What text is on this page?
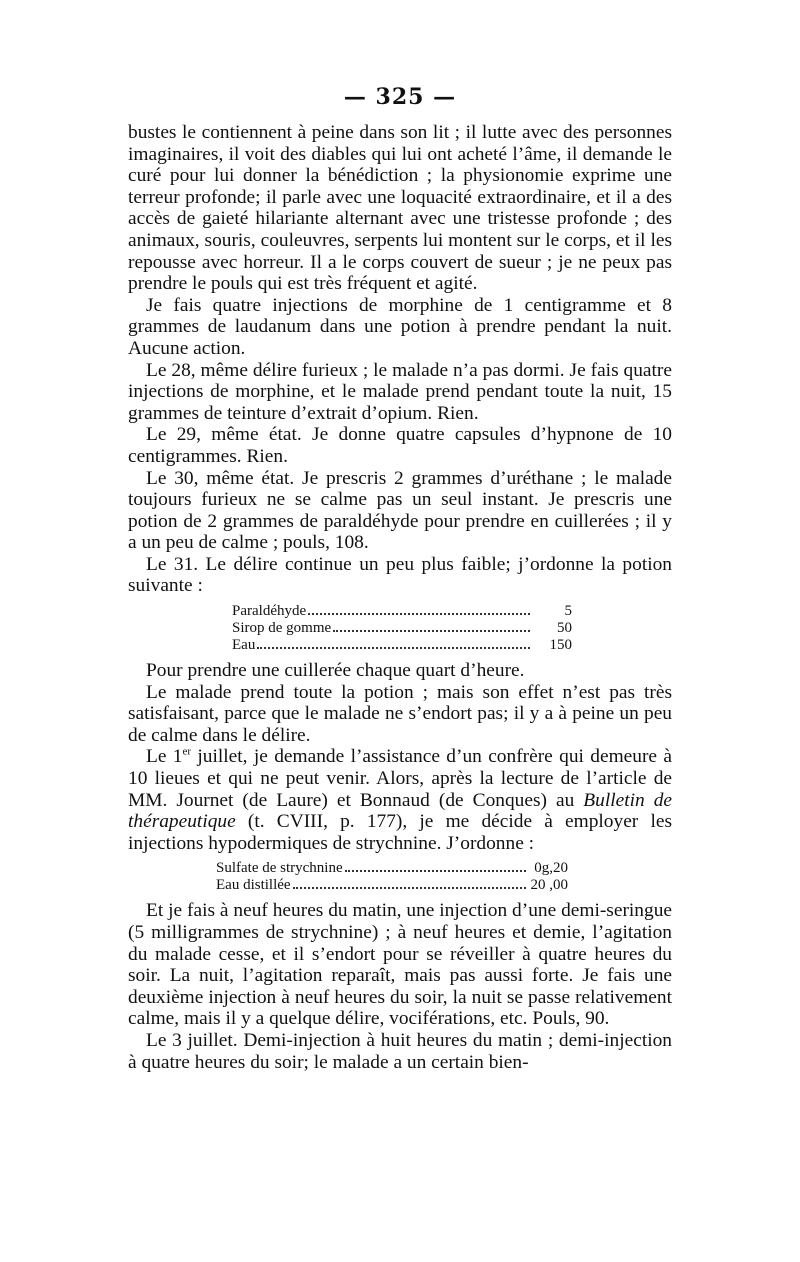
— 325 —

bustes le contiennent à peine dans son lit ; il lutte avec des personnes imaginaires, il voit des diables qui lui ont acheté l’âme, il demande le curé pour lui donner la bénédiction ; la physionomie exprime une terreur profonde; il parle avec une loquacité extraordinaire, et il a des accès de gaieté hilariante alternant avec une tristesse profonde ; des animaux, souris, couleuvres, serpents lui montent sur le corps, et il les repousse avec horreur. Il a le corps couvert de sueur ; je ne peux pas prendre le pouls qui est très fréquent et agité.

Je fais quatre injections de morphine de 1 centigramme et 8 grammes de laudanum dans une potion à prendre pendant la nuit. Aucune action.

Le 28, même délire furieux ; le malade n’a pas dormi. Je fais quatre injections de morphine, et le malade prend pendant toute la nuit, 15 grammes de teinture d’extrait d’opium. Rien.

Le 29, même état. Je donne quatre capsules d’hypnone de 10 centigrammes. Rien.

Le 30, même état. Je prescris 2 grammes d’uréthane ; le malade toujours furieux ne se calme pas un seul instant. Je prescris une potion de 2 grammes de paraldéhyde pour prendre en cuillerées ; il y a un peu de calme ; pouls, 108.

Le 31. Le délire continue un peu plus faible; j’ordonne la potion suivante :

Paraldéhyde	5
Sirop de gomme	50
Eau	150

Pour prendre une cuillerée chaque quart d’heure.

Le malade prend toute la potion ; mais son effet n’est pas très satisfaisant, parce que le malade ne s’endort pas; il y a à peine un peu de calme dans le délire.

Le 1er juillet, je demande l’assistance d’un confrère qui demeure à 10 lieues et qui ne peut venir. Alors, après la lecture de l’article de MM. Journet (de Laure) et Bonnaud (de Conques) au Bulletin de thérapeutique (t. CVIII, p. 177), je me décide à employer les injections hypodermiques de strychnine. J’ordonne :

Sulfate de strychnine	0g,20
Eau distillée	20 ,00

Et je fais à neuf heures du matin, une injection d’une demi-seringue (5 milligrammes de strychnine) ; à neuf heures et demie, l’agitation du malade cesse, et il s’endort pour se réveiller à quatre heures du soir. La nuit, l’agitation reparaît, mais pas aussi forte. Je fais une deuxième injection à neuf heures du soir, la nuit se passe relativement calme, mais il y a quelque délire, vociférations, etc. Pouls, 90.

Le 3 juillet. Demi-injection à huit heures du matin ; demi-injection à quatre heures du soir; le malade a un certain bien-
